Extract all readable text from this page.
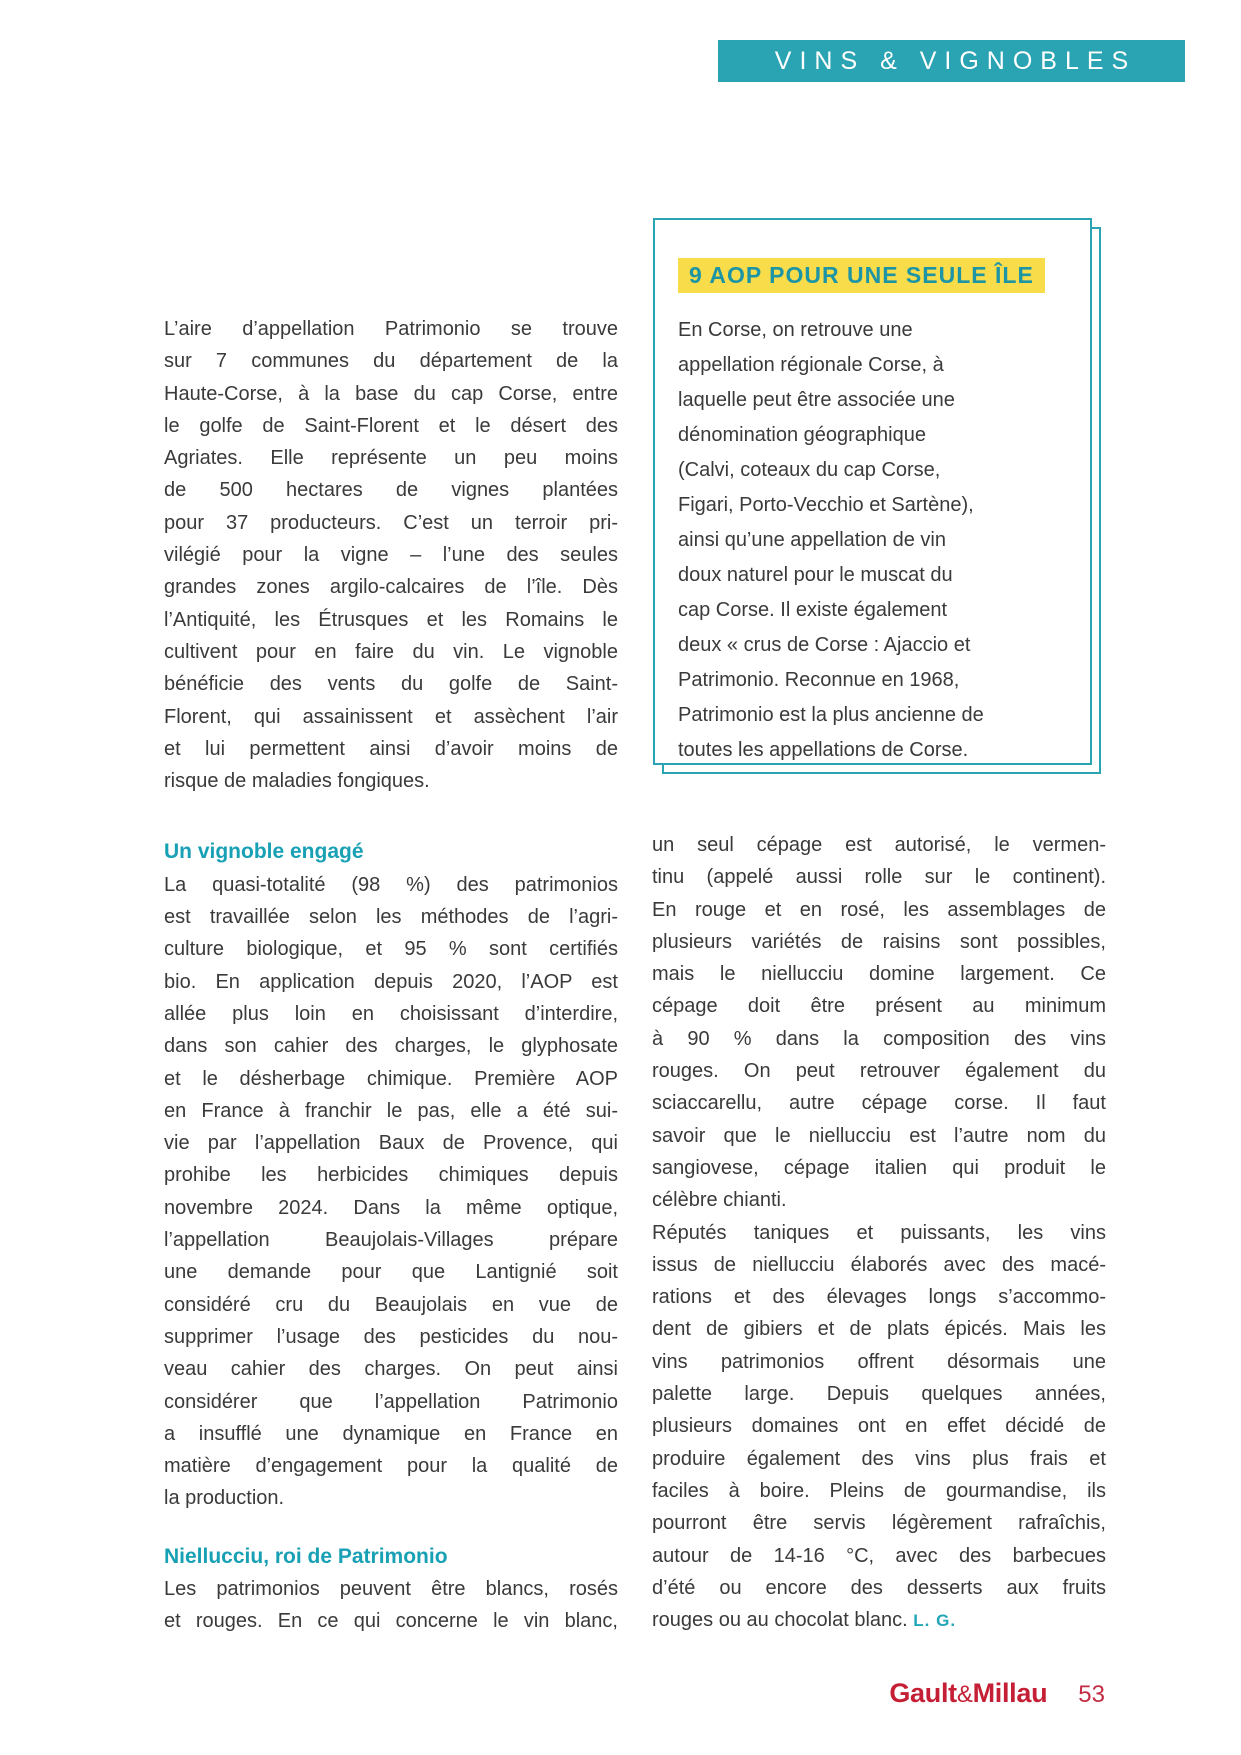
VINS & VIGNOBLES
9 AOP POUR UNE SEULE ÎLE
En Corse, on retrouve une
appellation régionale Corse, à
laquelle peut être associée une
dénomination géographique
(Calvi, coteaux du cap Corse,
Figari, Porto-Vecchio et Sartène),
ainsi qu’une appellation de vin
doux naturel pour le muscat du
cap Corse. Il existe également
deux « crus de Corse : Ajaccio et
Patrimonio. Reconnue en 1968,
Patrimonio est la plus ancienne de
toutes les appellations de Corse.
L’aire d’appellation Patrimonio se trouve
sur 7 communes du département de la
Haute-Corse, à la base du cap Corse, entre
le golfe de Saint-Florent et le désert des
Agriates. Elle représente un peu moins
de 500 hectares de vignes plantées
pour 37 producteurs. C’est un terroir pri-
vilégié pour la vigne – l’une des seules
grandes zones argilo-calcaires de l’île. Dès
l’Antiquité, les Étrusques et les Romains le
cultivent pour en faire du vin. Le vignoble
bénéficie des vents du golfe de Saint-
Florent, qui assainissent et assèchent l’air
et lui permettent ainsi d’avoir moins de
risque de maladies fongiques.
Un vignoble engagé
La quasi-totalité (98 %) des patrimonios
est travaillée selon les méthodes de l’agri-
culture biologique, et 95 % sont certifiés
bio. En application depuis 2020, l’AOP est
allée plus loin en choisissant d’interdire,
dans son cahier des charges, le glyphosate
et le désherbage chimique. Première AOP
en France à franchir le pas, elle a été sui-
vie par l’appellation Baux de Provence, qui
prohibe les herbicides chimiques depuis
novembre 2024. Dans la même optique,
l’appellation Beaujolais-Villages prépare
une demande pour que Lantignié soit
considéré cru du Beaujolais en vue de
supprimer l’usage des pesticides du nou-
veau cahier des charges. On peut ainsi
considérer que l’appellation Patrimonio
a insufflé une dynamique en France en
matière d’engagement pour la qualité de
la production.
Niellucciu, roi de Patrimonio
Les patrimonios peuvent être blancs, rosés
et rouges. En ce qui concerne le vin blanc,
un seul cépage est autorisé, le vermen-
tinu (appelé aussi rolle sur le continent).
En rouge et en rosé, les assemblages de
plusieurs variétés de raisins sont possibles,
mais le niellucciu domine largement. Ce
cépage doit être présent au minimum
à 90 % dans la composition des vins
rouges. On peut retrouver également du
sciaccarellu, autre cépage corse. Il faut
savoir que le niellucciu est l’autre nom du
sangiovese, cépage italien qui produit le
célèbre chianti.
Réputés taniques et puissants, les vins
issus de niellucciu élaborés avec des macé-
rations et des élevages longs s’accommo-
dent de gibiers et de plats épicés. Mais les
vins patrimonios offrent désormais une
palette large. Depuis quelques années,
plusieurs domaines ont en effet décidé de
produire également des vins plus frais et
faciles à boire. Pleins de gourmandise, ils
pourront être servis légèrement rafraîchis,
autour de 14-16 °C, avec des barbecues
d’été ou encore des desserts aux fruits
rouges ou au chocolat blanc. L. G.
Gault&Millau 53
